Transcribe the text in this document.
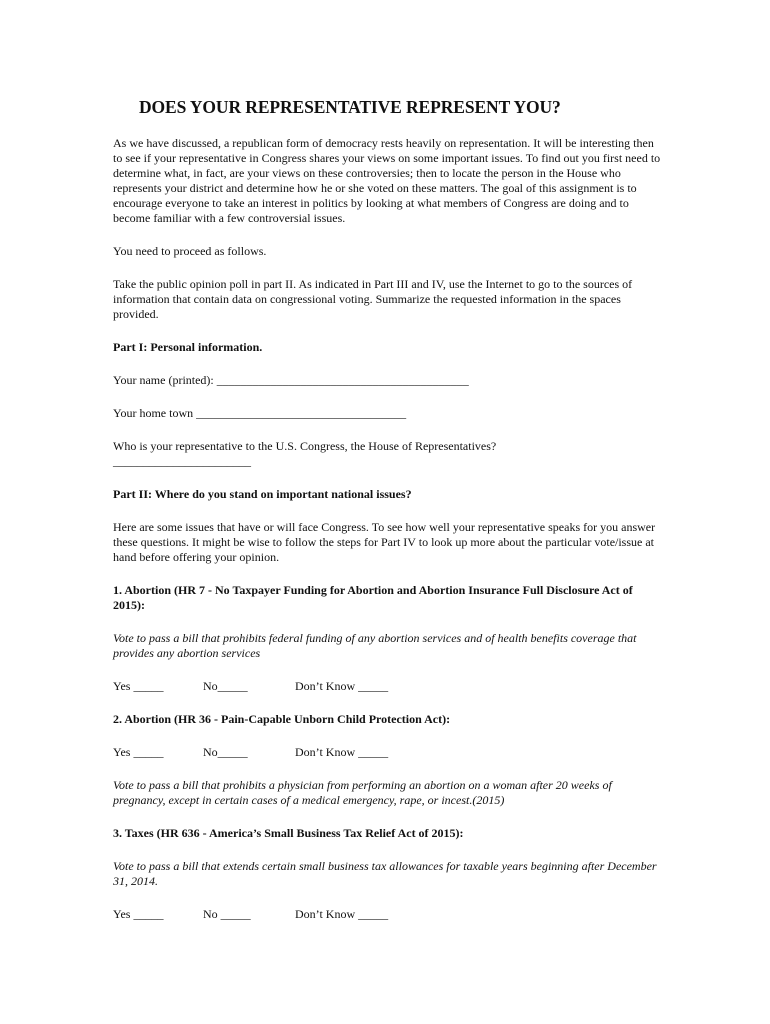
DOES YOUR REPRESENTATIVE REPRESENT YOU?

As we have discussed, a republican form of democracy rests heavily on representation. It will be interesting then to see if your representative in Congress shares your views on some important issues. To find out you first need to determine what, in fact, are your views on these controversies; then to locate the person in the House who represents your district and determine how he or she voted on these matters. The goal of this assignment is to encourage everyone to take an interest in politics by looking at what members of Congress are doing and to become familiar with a few controversial issues.

You need to proceed as follows.

Take the public opinion poll in part II. As indicated in Part III and IV, use the Internet to go to the sources of information that contain data on congressional voting. Summarize the requested information in the spaces provided.

Part I: Personal information.

Your name (printed): __________________________________________

Your home town ___________________________________

Who is your representative to the U.S. Congress, the House of Representatives?

_______________________

Part II: Where do you stand on important national issues?

Here are some issues that have or will face Congress. To see how well your representative speaks for you answer these questions. It might be wise to follow the steps for Part IV to look up more about the particular vote/issue at hand before offering your opinion.

1. Abortion (HR 7 - No Taxpayer Funding for Abortion and Abortion Insurance Full Disclosure Act of 2015):

Vote to pass a bill that prohibits federal funding of any abortion services and of health benefits coverage that provides any abortion services

Yes _____	No_____	Don’t Know _____

2. Abortion (HR 36 - Pain-Capable Unborn Child Protection Act):

Yes _____	No_____	Don’t Know _____

Vote to pass a bill that prohibits a physician from performing an abortion on a woman after 20 weeks of pregnancy, except in certain cases of a medical emergency, rape, or incest.(2015)

3. Taxes (HR 636 - America’s Small Business Tax Relief Act of 2015):

Vote to pass a bill that extends certain small business tax allowances for taxable years beginning after December 31, 2014.

Yes _____	No _____	Don’t Know _____
